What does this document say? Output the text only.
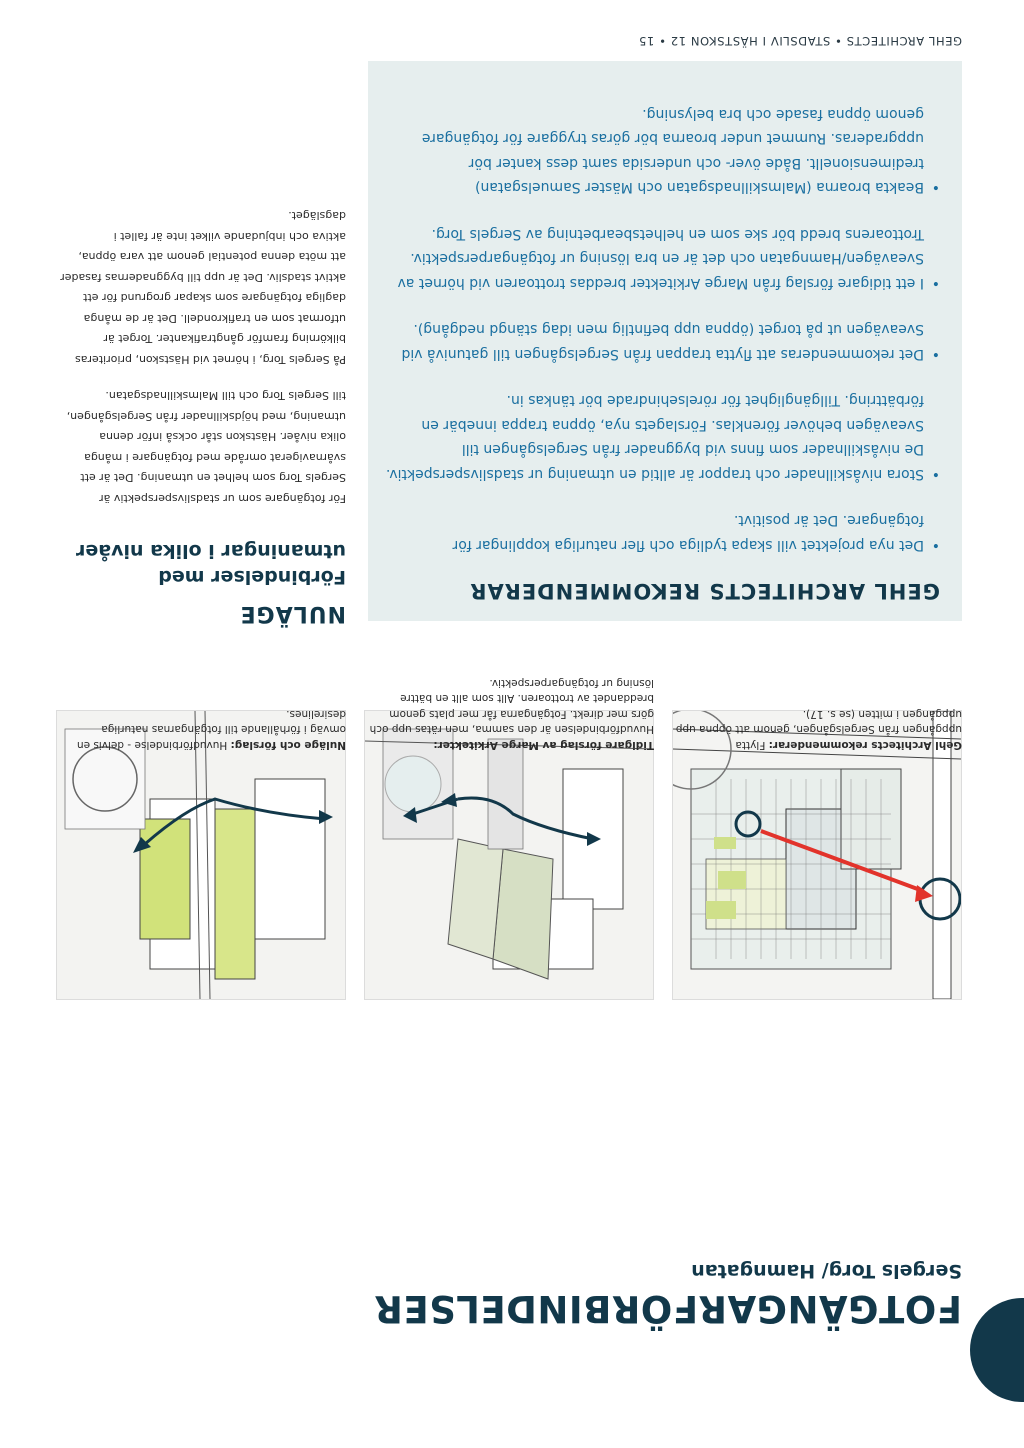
FOTGÄNGARFÖRBINDELSER
Sergels Torg/ Hamngatan
GEHL ARCHITECTS • STADSLIV I HÄSTSKON 12 • 15
Gehl Architects rekommenderar: Flytta uppgången från Sergelsgången, genom att öppna upp uppgången i mitten (se s. 17).
Tidigare förslag av Marge Arkitekter: Huvudförbindelsen är den samma, men rätas upp och görs mer direkt. Fotgängarna får mer plats genom breddandet av trottoaren. Allt som allt en bättre lösning ur fotgängarperspektiv.
Nuläge och förslag: Huvudförbindelse - delvis en omväg i förhållande till fotgängarnas naturliga desirelines.
GEHL ARCHITECTS REKOMMENDERAR
• Det nya projektet vill skapa tydliga och fler naturliga kopplingar för fotgängare. Det är positivt.
• Stora nivåskillnader och trappor är alltid en utmaning ur stadslivsperspektiv. De nivåskillnader som finns vid byggnader från Sergelsgången till Sveavägen behöver förenklas. Förslagets nya, öppna trappa innebär en förbättring. Tillgänglighet för rörelsehindrade bör tänkas in.
• Det rekommenderas att flytta trappan från Sergelsgången till gatunivå vid Sveavägen ut på torget (öppna upp befintlig men idag stängd nedgång).
• I ett tidigare förslag från Marge Arkitekter breddas trottoaren vid hörnet av Sveavägen/Hamngatan och det är en bra lösning ur fotgängarperspektiv. Trottoarens bredd bör ske som en helhetsbearbetning av Sergels Torg.
• Beakta broarna (Malmskillnadsgatan och Mäster Samuelsgatan) tredimensionellt. Både över- och undersida samt dess kanter bör uppgraderas. Rummet under broarna bör göras tryggare för fotgängare genom öppna fasade och bra belysning.
NULÄGE
Förbindelser med utmaningar i olika nivåer

För fotgängare som ur stadslivsperspektiv är Sergels Torg som helhet en utmaning. Det är ett svårnavigerat område med fotgängare i många olika nivåer. Hästskon står också inför denna utmaning, med höjdskillnader från Sergelsgången, till Sergels Torg och till Malmskillnadsgatan.

På Sergels Torg, i hörnet vid Hästskon, prioriteras bilkörning framför gångtrafikanter. Torget är utformat som en trafikrondell. Det är de många dagliga fotgängare som skapar grogrund för ett aktivt stadsliv. Det är upp till byggnadernas fasader att möta denna potential genom att vara öppna, aktiva och inbjudande vilket inte är fallet i dagsläget.
